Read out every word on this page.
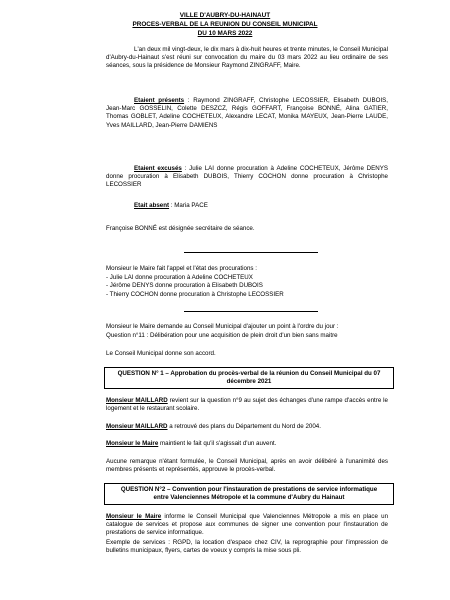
VILLE D'AUBRY-DU-HAINAUT

PROCES-VERBAL DE LA REUNION DU CONSEIL MUNICIPAL

DU 10 MARS 2022

L'an deux mil vingt-deux, le dix mars à dix-huit heures et trente minutes, le Conseil Municipal d'Aubry-du-Hainaut s'est réuni sur convocation du maire du 03 mars 2022 au lieu ordinaire de ses séances, sous la présidence de Monsieur Raymond ZINGRAFF, Maire.

Etaient présents : Raymond ZINGRAFF, Christophe LECOSSIER, Elisabeth DUBOIS, Jean-Marc GOSSELIN, Colette DESZCZ, Régis GOFFART, Françoise BONNÉ, Alina GATIER, Thomas GOBLET, Adeline COCHETEUX, Alexandre LECAT, Monika MAYEUX, Jean-Pierre LAUDE, Yves MAILLARD, Jean-Pierre DAMIENS

Etaient excusés : Julie LAI donne procuration à Adeline COCHETEUX, Jérôme DENYS donne procuration à Elisabeth DUBOIS, Thierry COCHON donne procuration à Christophe LECOSSIER

Etait absent : Maria PACE

Françoise BONNÉ est désignée secrétaire de séance.

Monsieur le Maire fait l'appel et l'état des procurations :

- Julie LAI donne procuration à Adeline COCHETEUX

- Jérôme DENYS donne procuration à Elisabeth DUBOIS

- Thierry COCHON donne procuration à Christophe LECOSSIER

Monsieur le Maire demande au Conseil Municipal d'ajouter un point à l'ordre du jour :

Question n°11 : Délibération pour une acquisition de plein droit d'un bien sans maitre

Le Conseil Municipal donne son accord.

QUESTION N° 1 – Approbation du procès-verbal de la réunion du Conseil Municipal du 07

décembre 2021

Monsieur MAILLARD revient sur la question n°9 au sujet des échanges d'une rampe d'accès entre le logement et le restaurant scolaire.

Monsieur MAILLARD a retrouvé des plans du Département du Nord de 2004.

Monsieur le Maire maintient le fait qu'il s'agissait d'un auvent.

Aucune remarque n'étant formulée, le Conseil Municipal, après en avoir délibéré à l'unanimité des membres présents et représentés, approuve le procès-verbal.

QUESTION N°2 – Convention pour l'instauration de prestations de service informatique

entre Valenciennes Métropole et la commune d'Aubry du Hainaut

Monsieur le Maire informe le Conseil Municipal que Valenciennes Métropole a mis en place un catalogue de services et propose aux communes de signer une convention pour l'instauration de prestations de service informatique.

Exemple de services : RGPD, la location d'espace chez CIV, la reprographie pour l'impression de bulletins municipaux, flyers, cartes de voeux y compris la mise sous pli.
